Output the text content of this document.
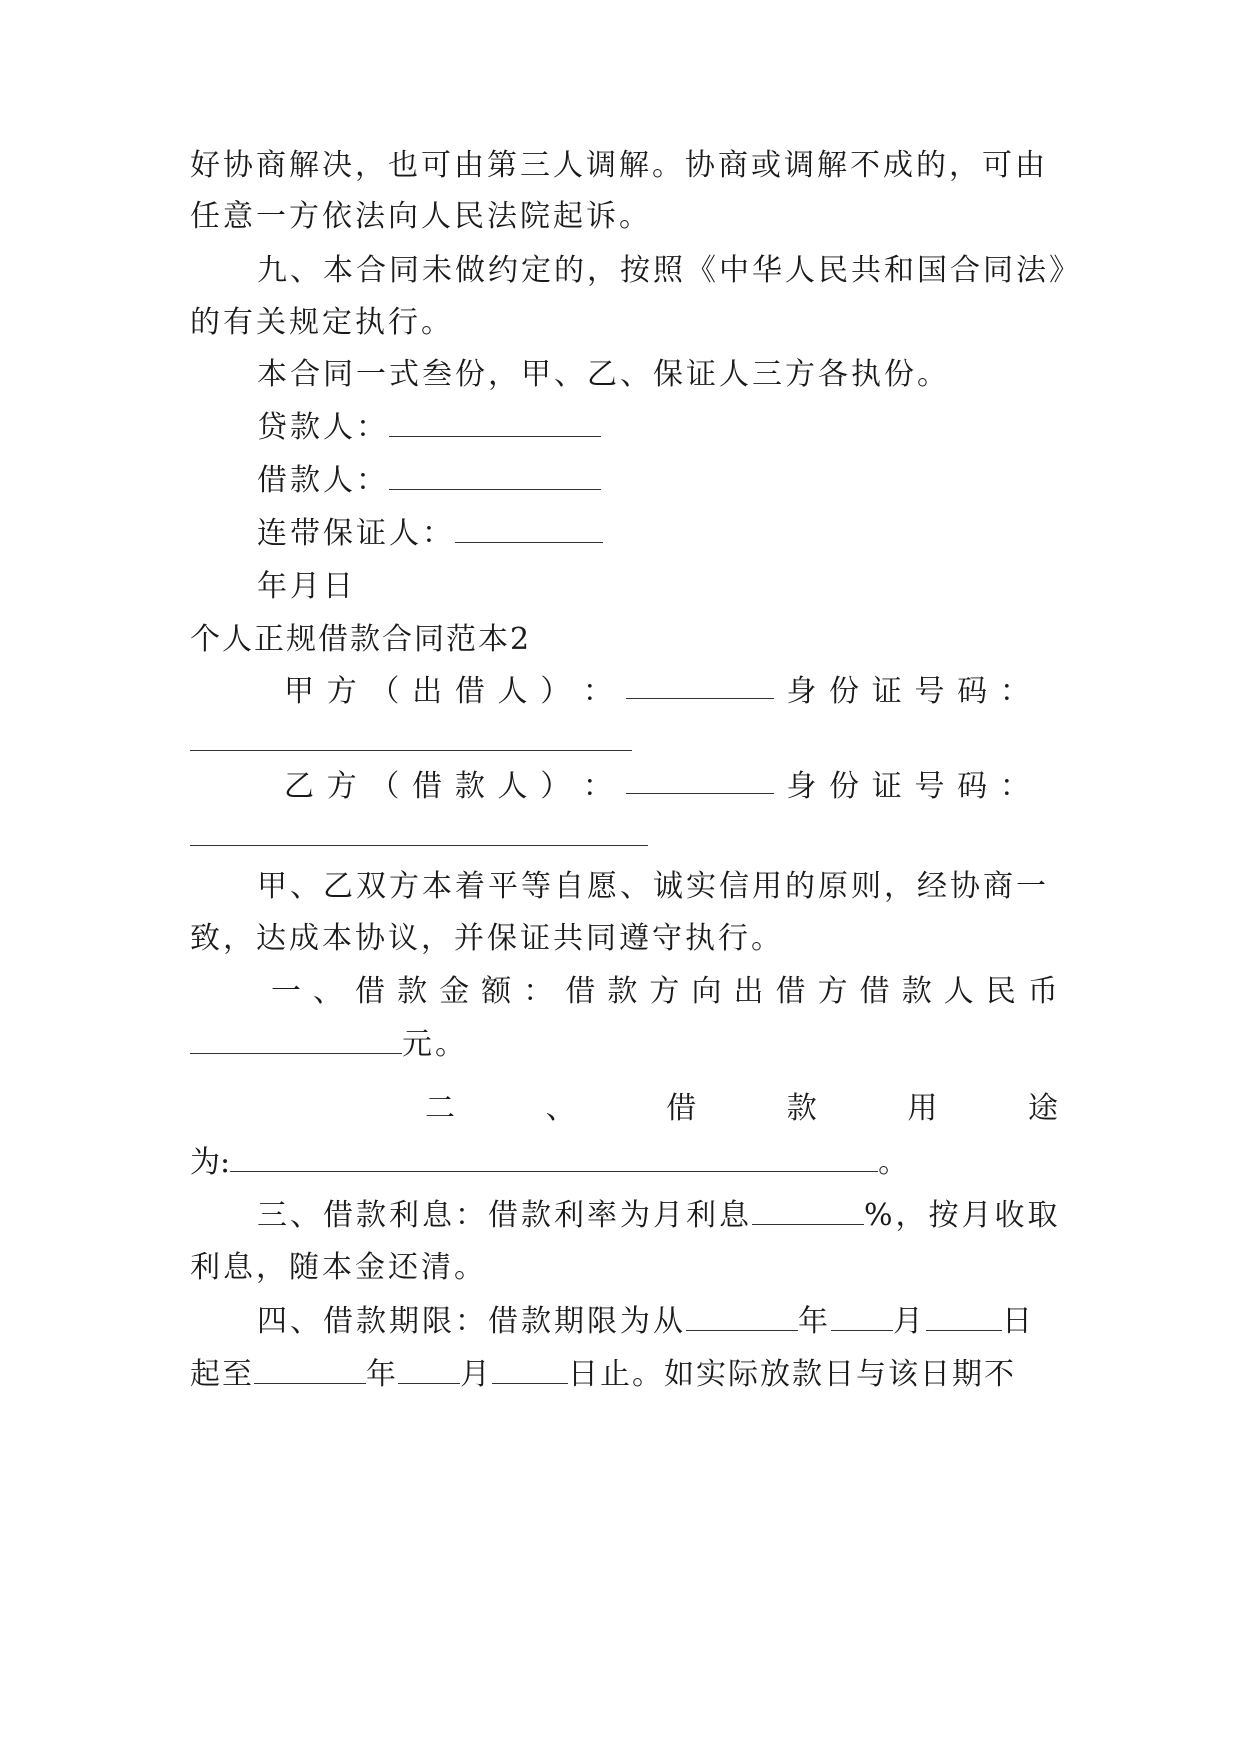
好协商解决，也可由第三人调解。协商或调解不成的，可由
任意一方依法向人民法院起诉。
九、本合同未做约定的，按照《中华人民共和国合同法》
的有关规定执行。
本合同一式叁份，甲、乙、保证人三方各执份。
贷款人：
借款人：
连带保证人：
年月日
个人正规借款合同范本2
甲 方 （ 出 借 人 ） ：	身 份 证 号 码 ：
乙 方 （ 借 款 人 ） ：	身 份 证 号 码 ：
甲、乙双方本着平等自愿、诚实信用的原则，经协商一
致，达成本协议，并保证共同遵守执行。
一 、 借 款 金 额 ： 借 款 方 向 出 借 方 借 款 人 民 币
元。
二	、	借	款	用	途
为:	。
三、借款利息：借款利率为月利息	%，按月收取
利息，随本金还清。
四、借款期限：借款期限为从	年 月	日
起至	年 月	日止。如实际放款日与该日期不
